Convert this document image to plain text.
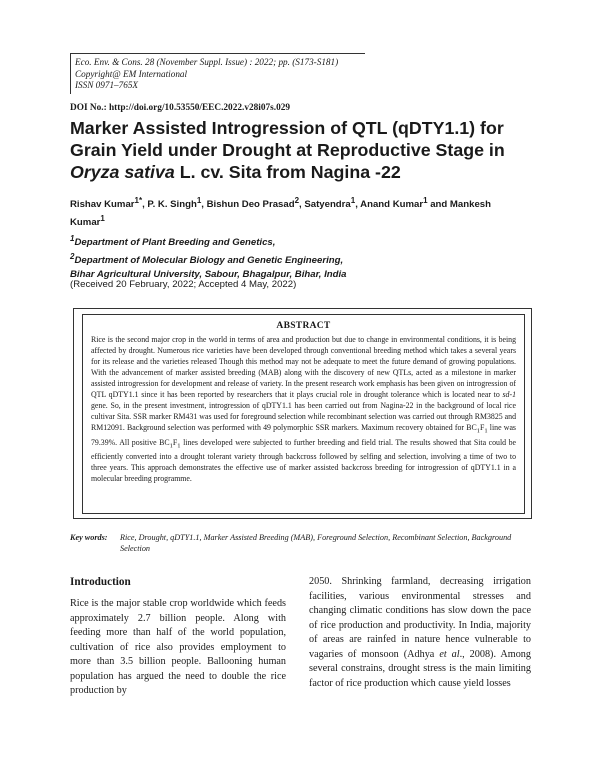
Eco. Env. & Cons. 28 (November Suppl. Issue) : 2022; pp. (S173-S181)
Copyright@ EM International
ISSN 0971–765X
DOI No.: http://doi.org/10.53550/EEC.2022.v28i07s.029
Marker Assisted Introgression of QTL (qDTY1.1) for Grain Yield under Drought at Reproductive Stage in Oryza sativa L. cv. Sita from Nagina -22
Rishav Kumar$^{1*}$, P. K. Singh$^1$, Bishun Deo Prasad$^2$, Satyendra$^1$, Anand Kumar$^1$ and Mankesh Kumar$^1$
$^1$Department of Plant Breeding and Genetics,
$^2$Department of Molecular Biology and Genetic Engineering,
Bihar Agricultural University, Sabour, Bhagalpur, Bihar, India
(Received 20 February, 2022; Accepted 4 May, 2022)
ABSTRACT

Rice is the second major crop in the world in terms of area and production but due to change in environmental conditions, it is being affected by drought. Numerous rice varieties have been developed through conventional breeding method which takes a several years for its release and the varieties released Though this method may not be adequate to meet the future demand of growing populations. With the advancement of marker assisted breeding (MAB) along with the discovery of new QTLs, acted as a milestone in marker assisted introgression for development and release of variety. In the present research work emphasis has been given on introgression of QTL qDTY1.1 since it has been reported by researchers that it plays crucial role in drought tolerance which is located near to sd-1 gene. So, in the present investment, introgression of qDTY1.1 has been carried out from Nagina-22 in the background of local rice cultivar Sita. SSR marker RM431 was used for foreground selection while recombinant selection was carried out through RM3825 and RM12091. Background selection was performed with 49 polymorphic SSR markers. Maximum recovery obtained for $BC_1F_1$ line was 79.39%. All positive $BC_1F_1$ lines developed were subjected to further breeding and field trial. The results showed that Sita could be efficiently converted into a drought tolerant variety through backcross followed by selfing and selection, involving a time of two to three years. This approach demonstrates the effective use of marker assisted backcross breeding for introgression of qDTY1.1 in a molecular breeding programme.

Key words:	Rice, Drought, qDTY1.1, Marker Assisted Breeding (MAB), Foreground Selection, Recombinant Selection, Background Selection
Introduction

Rice is the major stable crop worldwide which feeds approximately 2.7 billion people. Along with feeding more than half of the world population, cultivation of rice also provides employment to more than 3.5 billion people. Ballooning human population has argued the need to double the rice production by

2050. Shrinking farmland, decreasing irrigation facilities, various environmental stresses and changing climatic conditions has slow down the pace of rice production and productivity. In India, majority of areas are rainfed in nature hence vulnerable to vagaries of monsoon (Adhya et al., 2008). Among several constrains, drought stress is the main limiting factor of rice production which cause yield losses
